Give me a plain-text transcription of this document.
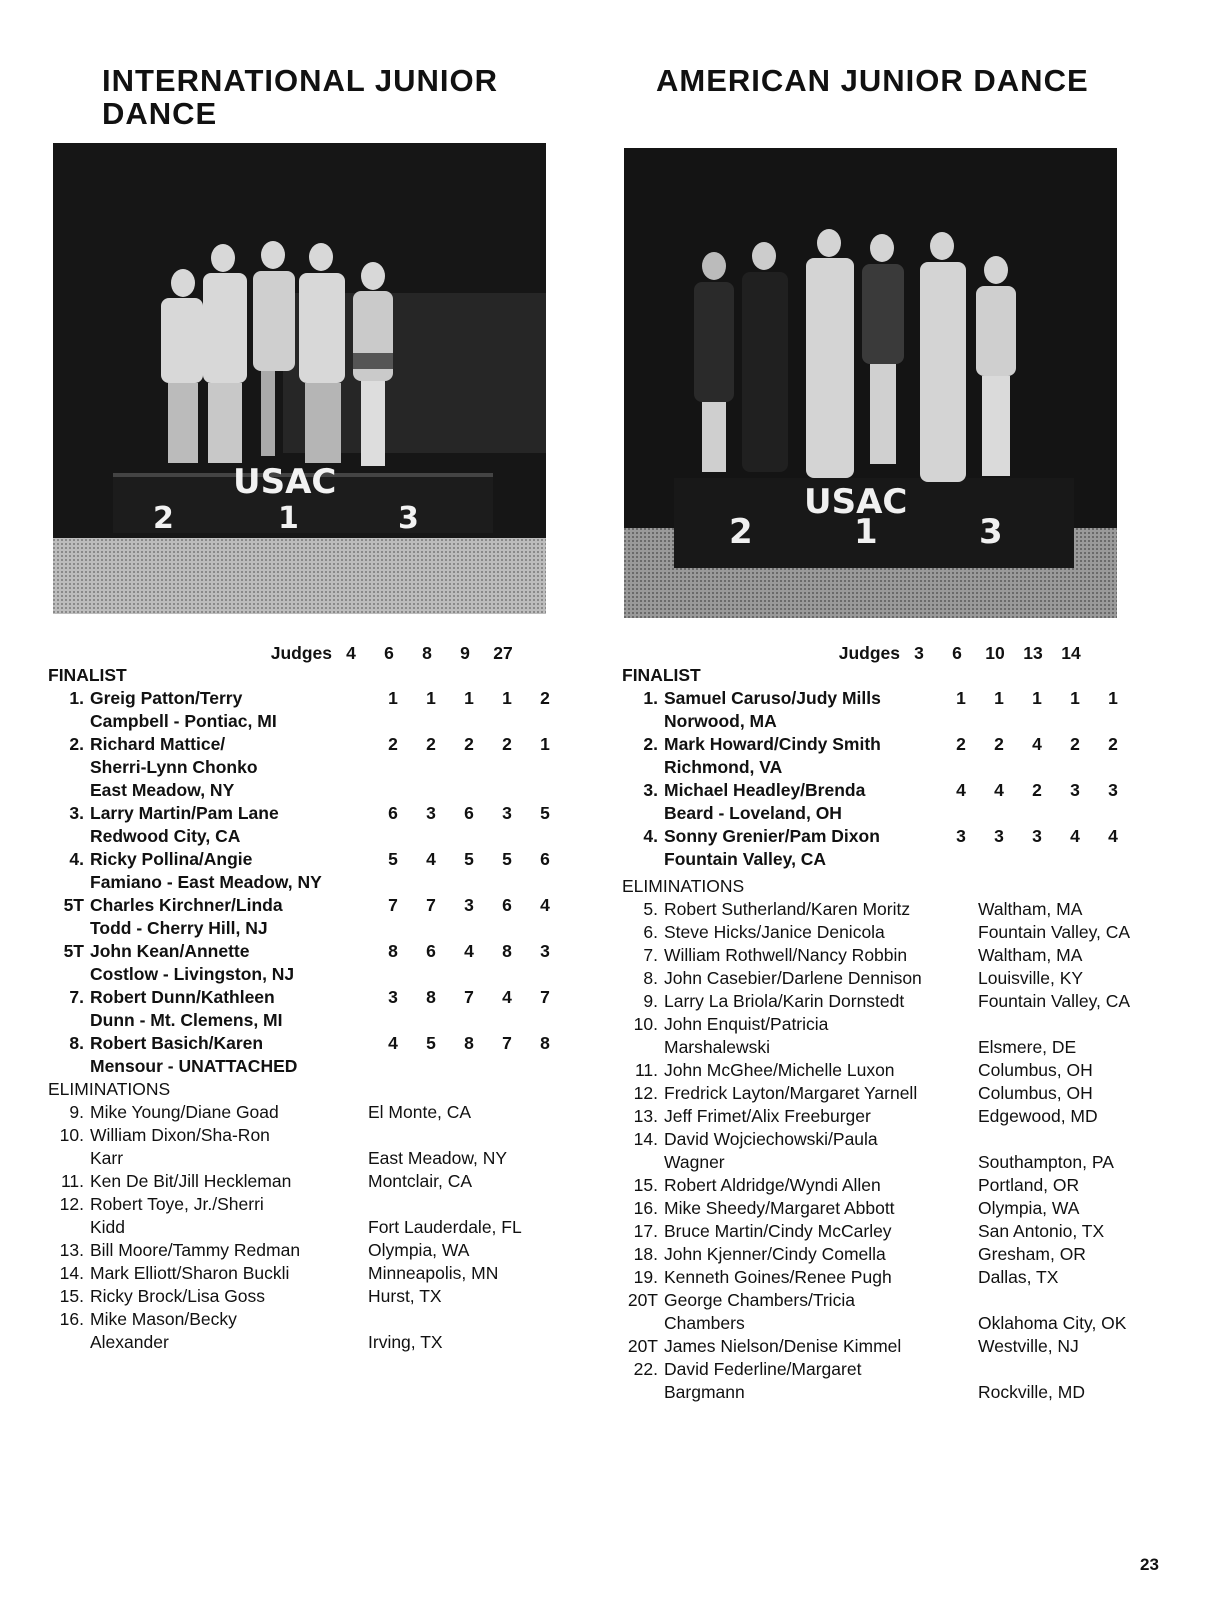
INTERNATIONAL JUNIOR
DANCE
USAC
2	1	3
Judges 4	6	8	9	27
FINALIST
1. Greig Patton/Terry
Campbell - Pontiac, MI
1	1	1	1	2
2. Richard Mattice/
Sherri-Lynn Chonko
East Meadow, NY
2	2	2	2	1
3. Larry Martin/Pam Lane
Redwood City, CA
6	3	6	3	5
4. Ricky Pollina/Angie
Famiano - East Meadow, NY
5	4	5	5	6
5T Charles Kirchner/Linda
Todd - Cherry Hill, NJ
7	7	3	6	4
5T John Kean/Annette
Costlow - Livingston, NJ
8	6	4	8	3
7. Robert Dunn/Kathleen
Dunn - Mt. Clemens, MI
3	8	7	4	7
8. Robert Basich/Karen
Mensour - UNATTACHED
4	5	8	7	8
ELIMINATIONS
9. Mike Young/Diane Goad	El Monte, CA
10. William Dixon/Sha-Ron
Karr	East Meadow, NY
11. Ken De Bit/Jill Heckleman	Montclair, CA
12. Robert Toye, Jr./Sherri
Kidd	Fort Lauderdale, FL
13. Bill Moore/Tammy Redman	Olympia, WA
14. Mark Elliott/Sharon Buckli	Minneapolis, MN
15. Ricky Brock/Lisa Goss	Hurst, TX
16. Mike Mason/Becky
Alexander	Irving, TX
AMERICAN JUNIOR DANCE
USAC
2	1	3
Judges 3	6	10	13	14
FINALIST
1. Samuel Caruso/Judy Mills
Norwood, MA
1	1	1	1	1
2. Mark Howard/Cindy Smith
Richmond, VA
2	2	4	2	2
3. Michael Headley/Brenda
Beard - Loveland, OH
4	4	2	3	3
4. Sonny Grenier/Pam Dixon
Fountain Valley, CA
3	3	3	4	4
ELIMINATIONS
5. Robert Sutherland/Karen Moritz	Waltham, MA
6. Steve Hicks/Janice Denicola	Fountain Valley, CA
7. William Rothwell/Nancy Robbin	Waltham, MA
8. John Casebier/Darlene Dennison	Louisville, KY
9. Larry La Briola/Karin Dornstedt	Fountain Valley, CA
10. John Enquist/Patricia
Marshalewski	Elsmere, DE
11. John McGhee/Michelle Luxon	Columbus, OH
12. Fredrick Layton/Margaret Yarnell	Columbus, OH
13. Jeff Frimet/Alix Freeburger	Edgewood, MD
14. David Wojciechowski/Paula
Wagner	Southampton, PA
15. Robert Aldridge/Wyndi Allen	Portland, OR
16. Mike Sheedy/Margaret Abbott	Olympia, WA
17. Bruce Martin/Cindy McCarley	San Antonio, TX
18. John Kjenner/Cindy Comella	Gresham, OR
19. Kenneth Goines/Renee Pugh	Dallas, TX
20T George Chambers/Tricia
Chambers	Oklahoma City, OK
20T James Nielson/Denise Kimmel	Westville, NJ
22. David Federline/Margaret
Bargmann	Rockville, MD
23
